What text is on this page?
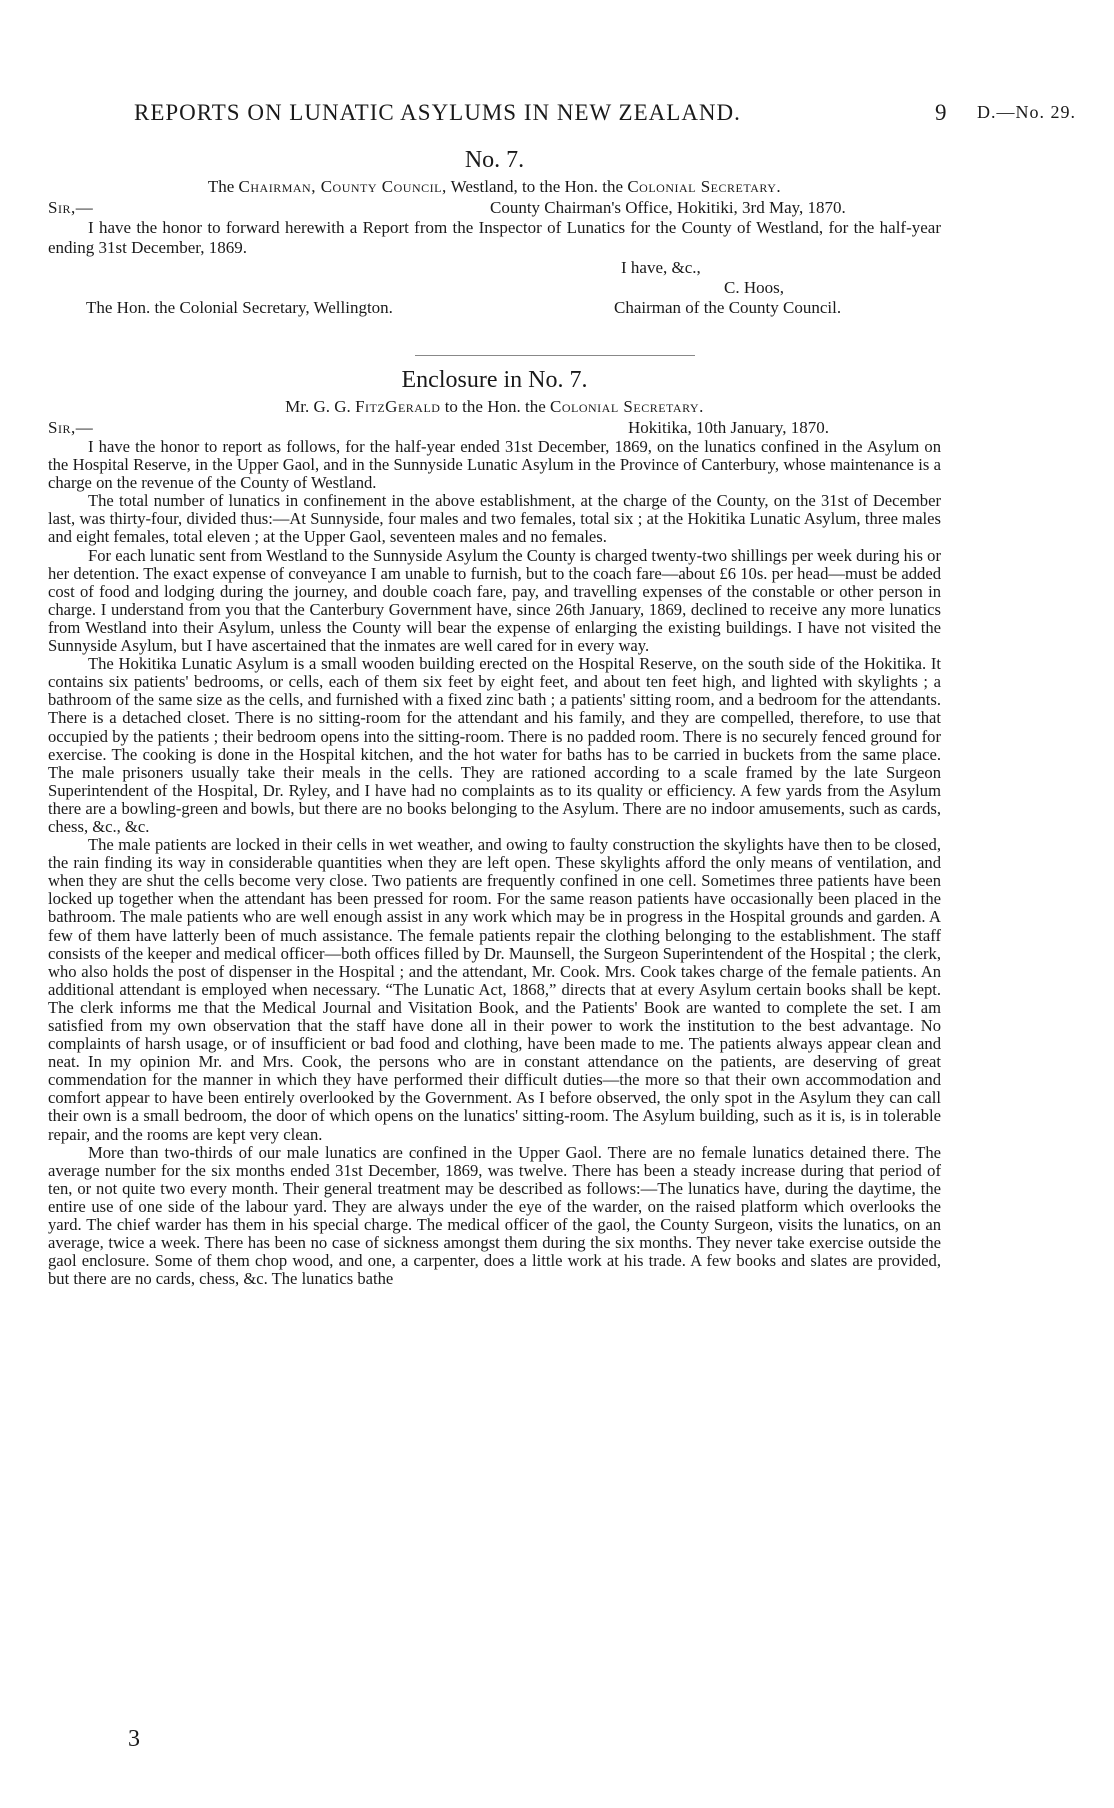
REPORTS ON LUNATIC ASYLUMS IN NEW ZEALAND.	9 D.—No. 29.
No. 7.
The Chairman, County Council, Westland, to the Hon. the Colonial Secretary.
Sir,—	County Chairman's Office, Hokitiki, 3rd May, 1870.

I have the honor to forward herewith a Report from the Inspector of Lunatics for the County of Westland, for the half-year ending 31st December, 1869.

I have, &c.,
C. Hoos,
The Hon. the Colonial Secretary, Wellington.	Chairman of the County Council.
Enclosure in No. 7.
Mr. G. G. FitzGerald to the Hon. the Colonial Secretary.
Sir,—	Hokitika, 10th January, 1870.

I have the honor to report as follows, for the half-year ended 31st December, 1869, on the lunatics confined in the Asylum on the Hospital Reserve, in the Upper Gaol, and in the Sunnyside Lunatic Asylum in the Province of Canterbury, whose maintenance is a charge on the revenue of the County of Westland.

The total number of lunatics in confinement in the above establishment, at the charge of the County, on the 31st of December last, was thirty-four, divided thus:—At Sunnyside, four males and two females, total six ; at the Hokitika Lunatic Asylum, three males and eight females, total eleven ; at the Upper Gaol, seventeen males and no females.

For each lunatic sent from Westland to the Sunnyside Asylum the County is charged twenty-two shillings per week during his or her detention. The exact expense of conveyance I am unable to furnish, but to the coach fare—about £6 10s. per head—must be added cost of food and lodging during the journey, and double coach fare, pay, and travelling expenses of the constable or other person in charge. I understand from you that the Canterbury Government have, since 26th January, 1869, declined to receive any more lunatics from Westland into their Asylum, unless the County will bear the expense of enlarging the existing buildings. I have not visited the Sunnyside Asylum, but I have ascertained that the inmates are well cared for in every way.

The Hokitika Lunatic Asylum is a small wooden building erected on the Hospital Reserve, on the south side of the Hokitika. It contains six patients' bedrooms, or cells, each of them six feet by eight feet, and about ten feet high, and lighted with skylights ; a bathroom of the same size as the cells, and furnished with a fixed zinc bath ; a patients' sitting room, and a bedroom for the attendants. There is a detached closet. There is no sitting-room for the attendant and his family, and they are compelled, therefore, to use that occupied by the patients ; their bedroom opens into the sitting-room. There is no padded room. There is no securely fenced ground for exercise. The cooking is done in the Hospital kitchen, and the hot water for baths has to be carried in buckets from the same place. The male prisoners usually take their meals in the cells. They are rationed according to a scale framed by the late Surgeon Superintendent of the Hospital, Dr. Ryley, and I have had no complaints as to its quality or efficiency. A few yards from the Asylum there are a bowling-green and bowls, but there are no books belonging to the Asylum. There are no indoor amusements, such as cards, chess, &c., &c.

The male patients are locked in their cells in wet weather, and owing to faulty construction the skylights have then to be closed, the rain finding its way in considerable quantities when they are left open. These skylights afford the only means of ventilation, and when they are shut the cells become very close. Two patients are frequently confined in one cell. Sometimes three patients have been locked up together when the attendant has been pressed for room. For the same reason patients have occasionally been placed in the bathroom. The male patients who are well enough assist in any work which may be in progress in the Hospital grounds and garden. A few of them have latterly been of much assistance. The female patients repair the clothing belonging to the establishment. The staff consists of the keeper and medical officer—both offices filled by Dr. Maunsell, the Surgeon Superintendent of the Hospital ; the clerk, who also holds the post of dispenser in the Hospital ; and the attendant, Mr. Cook. Mrs. Cook takes charge of the female patients. An additional attendant is employed when necessary. “The Lunatic Act, 1868,” directs that at every Asylum certain books shall be kept. The clerk informs me that the Medical Journal and Visitation Book, and the Patients' Book are wanted to complete the set. I am satisfied from my own observation that the staff have done all in their power to work the institution to the best advantage. No complaints of harsh usage, or of insufficient or bad food and clothing, have been made to me. The patients always appear clean and neat. In my opinion Mr. and Mrs. Cook, the persons who are in constant attendance on the patients, are deserving of great commendation for the manner in which they have performed their difficult duties—the more so that their own accommodation and comfort appear to have been entirely overlooked by the Government. As I before observed, the only spot in the Asylum they can call their own is a small bedroom, the door of which opens on the lunatics' sitting-room. The Asylum building, such as it is, is in tolerable repair, and the rooms are kept very clean.

More than two-thirds of our male lunatics are confined in the Upper Gaol. There are no female lunatics detained there. The average number for the six months ended 31st December, 1869, was twelve. There has been a steady increase during that period of ten, or not quite two every month. Their general treatment may be described as follows:—The lunatics have, during the daytime, the entire use of one side of the labour yard. They are always under the eye of the warder, on the raised platform which overlooks the yard. The chief warder has them in his special charge. The medical officer of the gaol, the County Surgeon, visits the lunatics, on an average, twice a week. There has been no case of sickness amongst them during the six months. They never take exercise outside the gaol enclosure. Some of them chop wood, and one, a carpenter, does a little work at his trade. A few books and slates are provided, but there are no cards, chess, &c. The lunatics bathe

3
